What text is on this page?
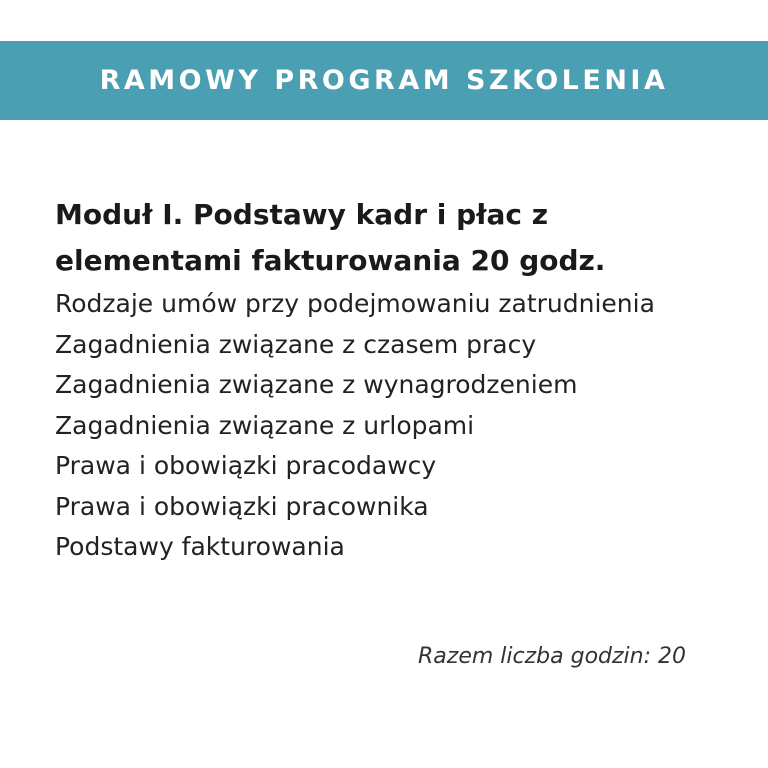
RAMOWY PROGRAM SZKOLENIA
Moduł I. Podstawy kadr i płac z
elementami fakturowania 20 godz.
Rodzaje umów przy podejmowaniu zatrudnienia
Zagadnienia związane z czasem pracy
Zagadnienia związane z wynagrodzeniem
Zagadnienia związane z urlopami
Prawa i obowiązki pracodawcy
Prawa i obowiązki pracownika
Podstawy fakturowania
Razem liczba godzin: 20
